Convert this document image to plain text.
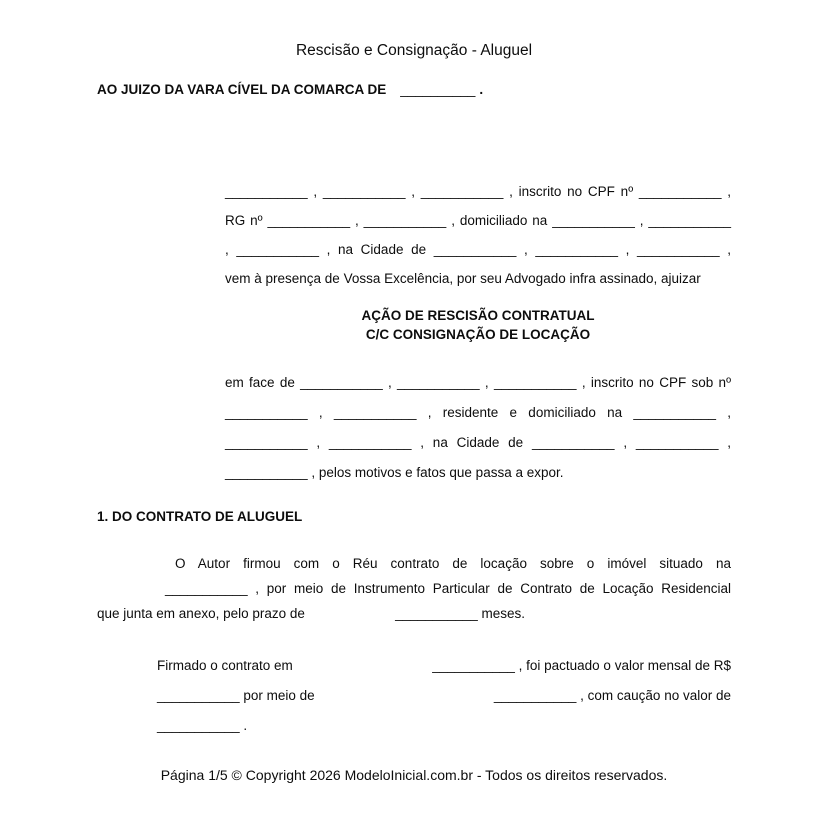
Rescisão e Consignação - Aluguel
AO JUIZO DA VARA CÍVEL DA COMARCA DE __________ .
___________ , ___________ , ___________ , inscrito no CPF nº ___________ ,
RG nº ___________ , ___________ , domiciliado na ___________ , ___________
, ___________ , na Cidade de ___________ , ___________ , ___________ ,
vem à presença de Vossa Excelência, por seu Advogado infra assinado, ajuizar
AÇÃO DE RESCISÃO CONTRATUAL
C/C CONSIGNAÇÃO DE LOCAÇÃO
em face de ___________ , ___________ , ___________ , inscrito no CPF sob nº
___________ , ___________ , residente e domiciliado na ___________ ,
___________ , ___________ , na Cidade de ___________ , ___________ ,
___________ , pelos motivos e fatos que passa a expor.
1. DO CONTRATO DE ALUGUEL
O Autor firmou com o Réu contrato de locação sobre o imóvel situado na
___________ , por meio de Instrumento Particular de Contrato de Locação Residencial
que junta em anexo, pelo prazo de	___________ meses.
Firmado o contrato em	___________ , foi pactuado o valor mensal de R$
___________ por meio de	___________ , com caução no valor de
___________ .
Página 1/5 © Copyright 2026 ModeloInicial.com.br - Todos os direitos reservados.
